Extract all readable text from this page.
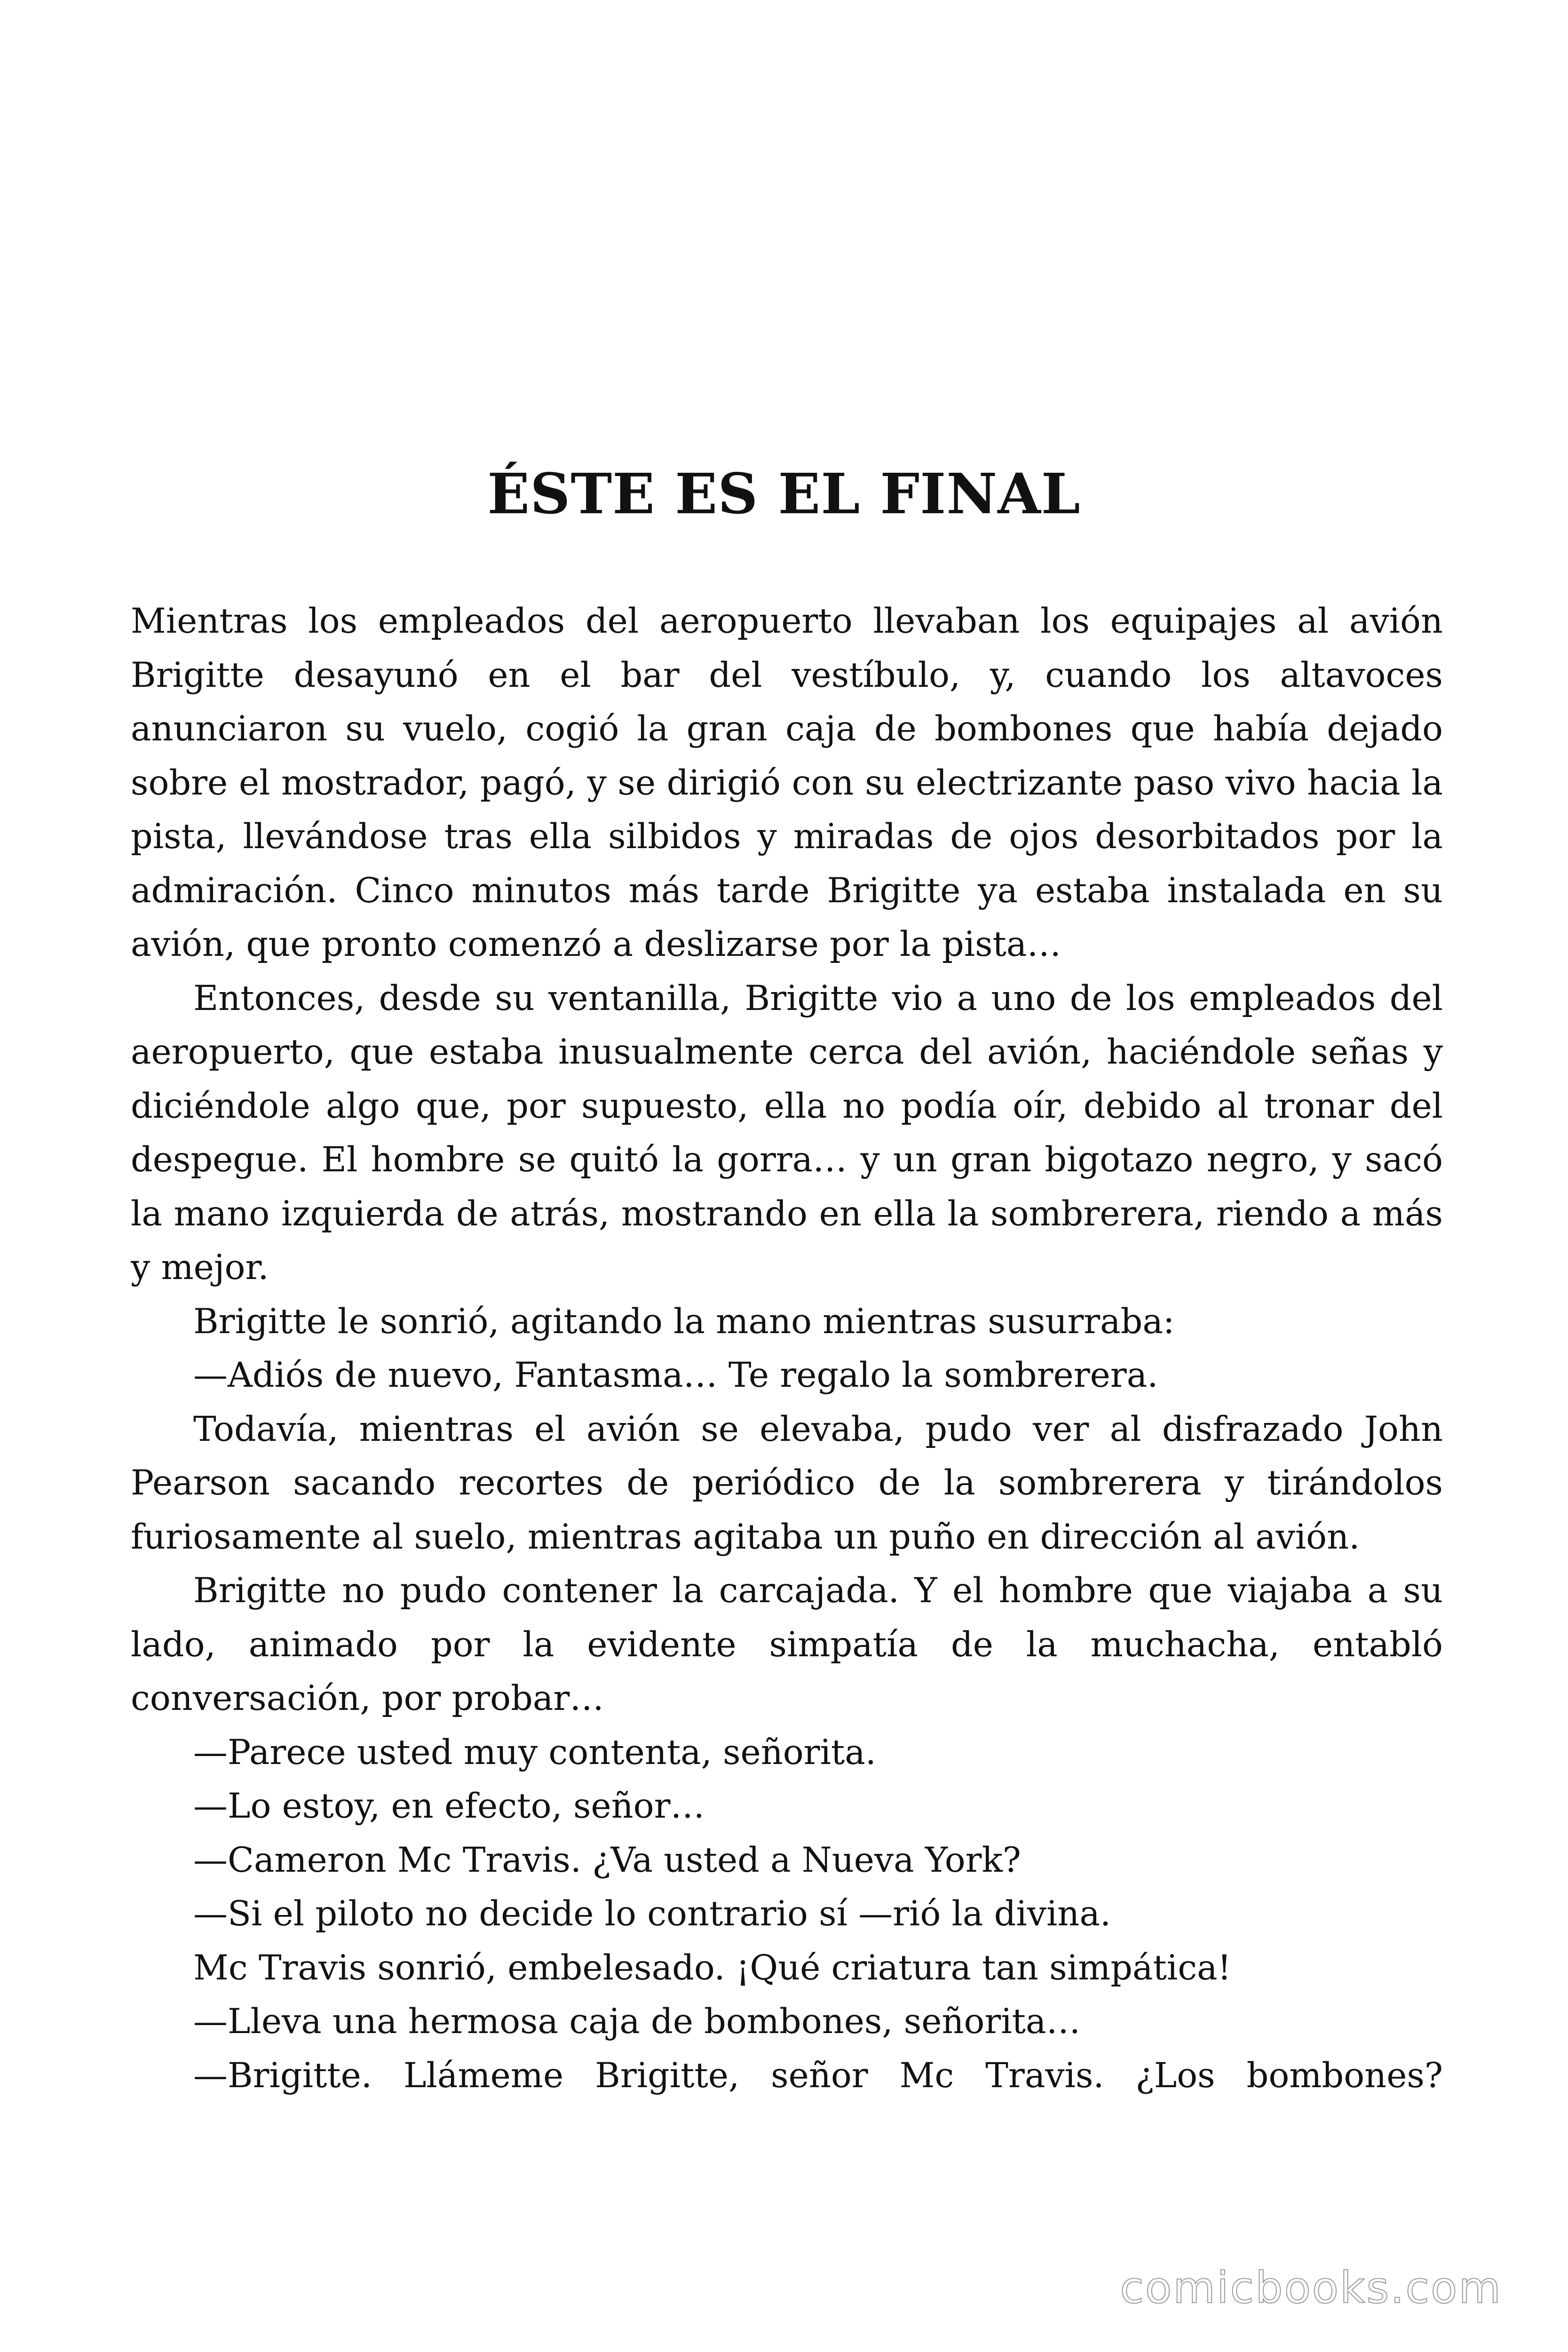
ÉSTE ES EL FINAL

Mientras los empleados del aeropuerto llevaban los equipajes al avión Brigitte desayunó en el bar del vestíbulo, y, cuando los altavoces anunciaron su vuelo, cogió la gran caja de bombones que había dejado sobre el mostrador, pagó, y se dirigió con su electrizante paso vivo hacia la pista, llevándose tras ella silbidos y miradas de ojos desorbitados por la admiración. Cinco minutos más tarde Brigitte ya estaba instalada en su avión, que pronto comenzó a deslizarse por la pista…

Entonces, desde su ventanilla, Brigitte vio a uno de los empleados del aeropuerto, que estaba inusualmente cerca del avión, haciéndole señas y diciéndole algo que, por supuesto, ella no podía oír, debido al tronar del despegue. El hombre se quitó la gorra… y un gran bigotazo negro, y sacó la mano izquierda de atrás, mostrando en ella la sombrerera, riendo a más y mejor.

Brigitte le sonrió, agitando la mano mientras susurraba:

—Adiós de nuevo, Fantasma… Te regalo la sombrerera.

Todavía, mientras el avión se elevaba, pudo ver al disfrazado John Pearson sacando recortes de periódico de la sombrerera y tirándolos furiosamente al suelo, mientras agitaba un puño en dirección al avión.

Brigitte no pudo contener la carcajada. Y el hombre que viajaba a su lado, animado por la evidente simpatía de la muchacha, entabló conversación, por probar…

—Parece usted muy contenta, señorita.

—Lo estoy, en efecto, señor…

—Cameron Mc Travis. ¿Va usted a Nueva York?

—Si el piloto no decide lo contrario sí —rió la divina.

Mc Travis sonrió, embelesado. ¡Qué criatura tan simpática!

—Lleva una hermosa caja de bombones, señorita…

—Brigitte. Llámeme Brigitte, señor Mc Travis. ¿Los bombones?

comicbooks.com
